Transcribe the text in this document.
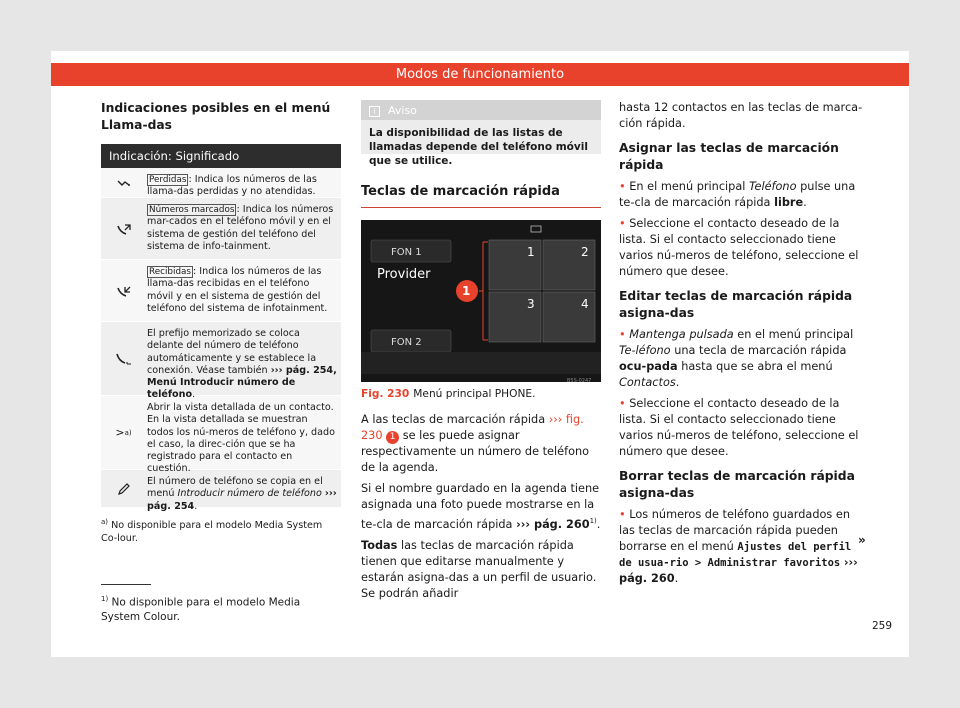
Modos de funcionamiento
Indicaciones posibles en el menú Llama-das
Indicación: Significado
Perdidas : Indica los números de las llama-das perdidas y no atendidas.
Números marcados : Indica los números mar-cados en el teléfono móvil y en el sistema de gestión del teléfono del sistema de info-tainment.
Recibidas : Indica los números de las llama-das recibidas en el teléfono móvil y en el sistema de gestión del teléfono del sistema de infotainment.
El prefijo memorizado se coloca delante del número de teléfono automáticamente y se establece la conexión. Véase también ››› pág. 254, Menú Introducir número de teléfono.
> a)
Abrir la vista detallada de un contacto. En la vista detallada se muestran todos los nú-meros de teléfono y, dado el caso, la direc-ción que se ha registrado para el contacto en cuestión.
El número de teléfono se copia en el menú Introducir número de teléfono ››› pág. 254.
$^{a)}$ No disponible para el modelo Media System Co-lour.
i Aviso
La disponibilidad de las listas de llamadas depende del teléfono móvil que se utilice.
Teclas de marcación rápida
FON 1
Provider
FON 2
1
1	2
3	4
B5S-0247
Fig. 230 Menú principal PHONE.

A las teclas de marcación rápida ››› fig. 230 1 se les puede asignar respectivamente un número de teléfono de la agenda.

Si el nombre guardado en la agenda tiene asignada una foto puede mostrarse en la te-cla de marcación rápida ››› pág. 260$^{1)}$.

Todas las teclas de marcación rápida tienen que editarse manualmente y estarán asigna-das a un perfil de usuario. Se podrán añadir

hasta 12 contactos en las teclas de marca-ción rápida.

Asignar las teclas de marcación rápida

• En el menú principal Teléfono pulse una te-cla de marcación rápida libre.

• Seleccione el contacto deseado de la lista. Si el contacto seleccionado tiene varios nú-meros de teléfono, seleccione el número que desee.

Editar teclas de marcación rápida asigna-das

• Mantenga pulsada en el menú principal Te-léfono una tecla de marcación rápida ocu-pada hasta que se abra el menú Contactos.

• Seleccione el contacto deseado de la lista. Si el contacto seleccionado tiene varios nú-meros de teléfono, seleccione el número que desee.

Borrar teclas de marcación rápida asigna-das

• Los números de teléfono guardados en las teclas de marcación rápida pueden borrarse en el menú Ajustes del perfil de usua-rio > Administrar favoritos ››› pág. 260.

»
$^{1)}$ No disponible para el modelo Media System Colour.
259
